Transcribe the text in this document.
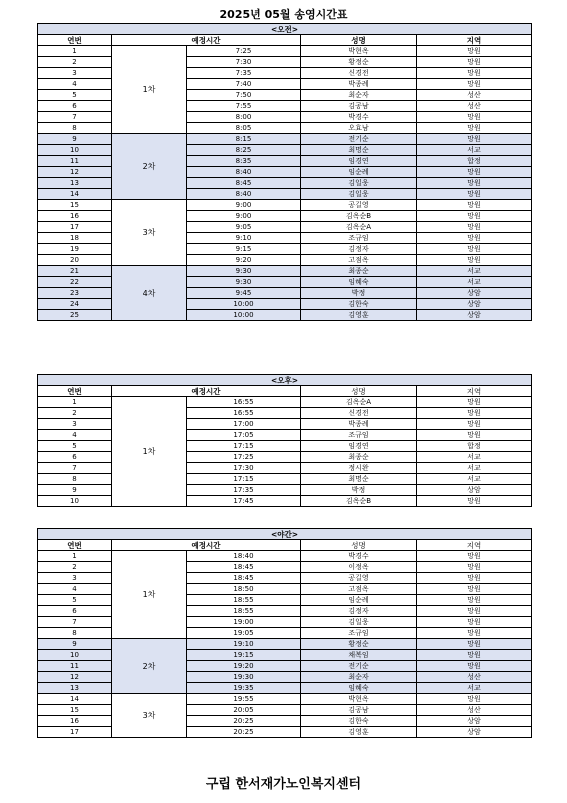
2025년 05월 송영시간표
<오전>				
연번	예정시간		성명	지역
1	1차	7:25	박현옥	망원
2		7:30	황정순	망원
3		7:35	신경전	망원
4		7:40	박종례	망원
5		7:50	최순자	성산
6		7:55	김공남	성산
7		8:00	박경수	망원
8		8:05	오효남	망원
9	2차	8:15	전기순	망원
10		8:25	최명순	서교
11		8:35	임경연	합정
12		8:40	임순례	망원
13		8:45	김일웅	망원
14		8:40	김일웅	망원
15	3차	9:00	공길영	망원
16		9:00	김옥순B	망원
17		9:05	김옥순A	망원
18		9:10	조규임	망원
19		9:15	김정자	망원
20		9:20	고점옥	망원
21	4차	9:30	최종순	서교
22		9:30	임혜숙	서교
23		9:45	박정	상암
24		10:00	김한숙	상암
25		10:00	김영훈	상암
<오후>				
연번	예정시간		성명	지역
1	1차	16:55	김옥순A	망원
2		16:55	신경전	망원
3		17:00	박종례	망원
4		17:05	조규임	망원
5		17:15	임경연	합정
6		17:25	최종순	서교
7		17:30	정시완	서교
8		17:15	최명순	서교
9		17:35	박정	상암
10		17:45	김옥순B	망원
<야간>				
연번	예정시간		성명	지역
1	1차	18:40	박경수	망원
2		18:45	이정옥	망원
3		18:45	공길영	망원
4		18:50	고점옥	망원
5		18:55	임순례	망원
6		18:55	김정자	망원
7		19:00	김일웅	망원
8		19:05	조규임	망원
9	2차	19:10	황정순	망원
10		19:15	채복임	망원
11		19:20	전기순	망원
12		19:30	최순자	성산
13		19:35	임혜숙	서교
14	3차	19:55	박현옥	망원
15		20:05	김공남	성산
16		20:25	김한숙	상암
17		20:25	김영훈	상암
구립 한서재가노인복지센터
